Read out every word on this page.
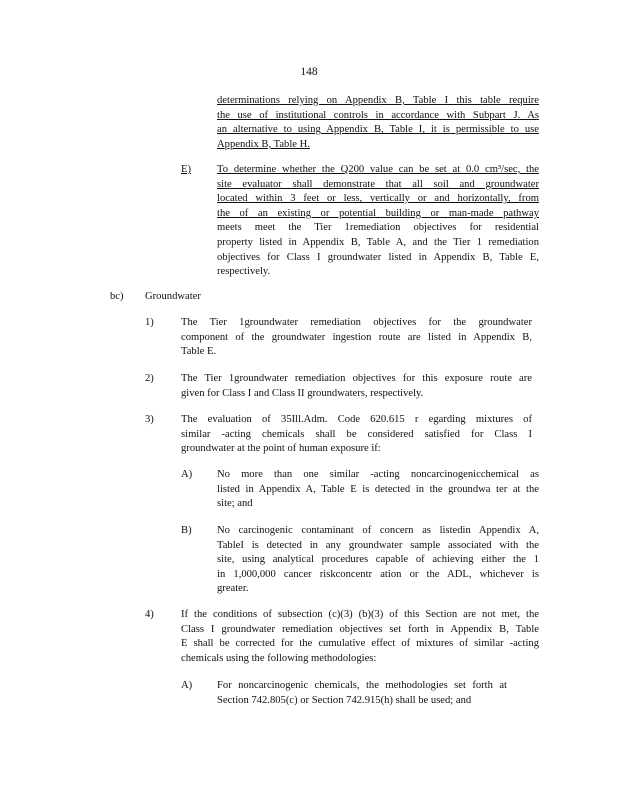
148
determinations relying on Appendix B, Table I this table require
the use of institutional controls in accordance with Subpart J. As
an alternative to using Appendix B, Table I, it is permissible to use
Appendix B, Table H.
E) To determine whether the Q200 value can be set at 0.0 cm³/sec, the
site evaluator shall demonstrate that all soil and groundwater
located within 3 feet or less, vertically or and horizontally, from
the of an existing or potential building or man-made pathway
meets meet the Tier 1remediation objectives for residential
property listed in Appendix B, Table A, and the Tier 1 remediation
objectives for Class I groundwater listed in Appendix B, Table E,
respectively.
bc) Groundwater
1)	The Tier 1groundwater remediation objectives for the groundwater
component of the groundwater ingestion route are listed in Appendix B,
Table E.
2)	The Tier 1groundwater remediation objectives for this exposure route are
given for Class I and Class II groundwaters, respectively.
3)	The evaluation of 35Ill.Adm. Code 620.615 r egarding mixtures of
similar -acting chemicals shall be considered satisfied for Class I
groundwater at the point of human exposure if:
A) No more than one similar -acting noncarcinogenicchemical as
listed in Appendix A, Table E is detected in the groundwa ter at the
site; and
B) No carcinogenic contaminant of concern as listedin Appendix A,
TableI is detected in any groundwater sample associated with the
site, using analytical procedures capable of achieving either the 1
in 1,000,000 cancer riskconcentr ation or the ADL, whichever is
greater.
4)	If the conditions of subsection (c)(3) (b)(3) of this Section are not met, the
Class I groundwater remediation objectives set forth in Appendix B, Table
E shall be corrected for the cumulative effect of mixtures of similar -acting
chemicals using the following methodologies:
A) For noncarcinogenic chemicals, the methodologies set forth at
Section 742.805(c) or Section 742.915(h) shall be used; and
